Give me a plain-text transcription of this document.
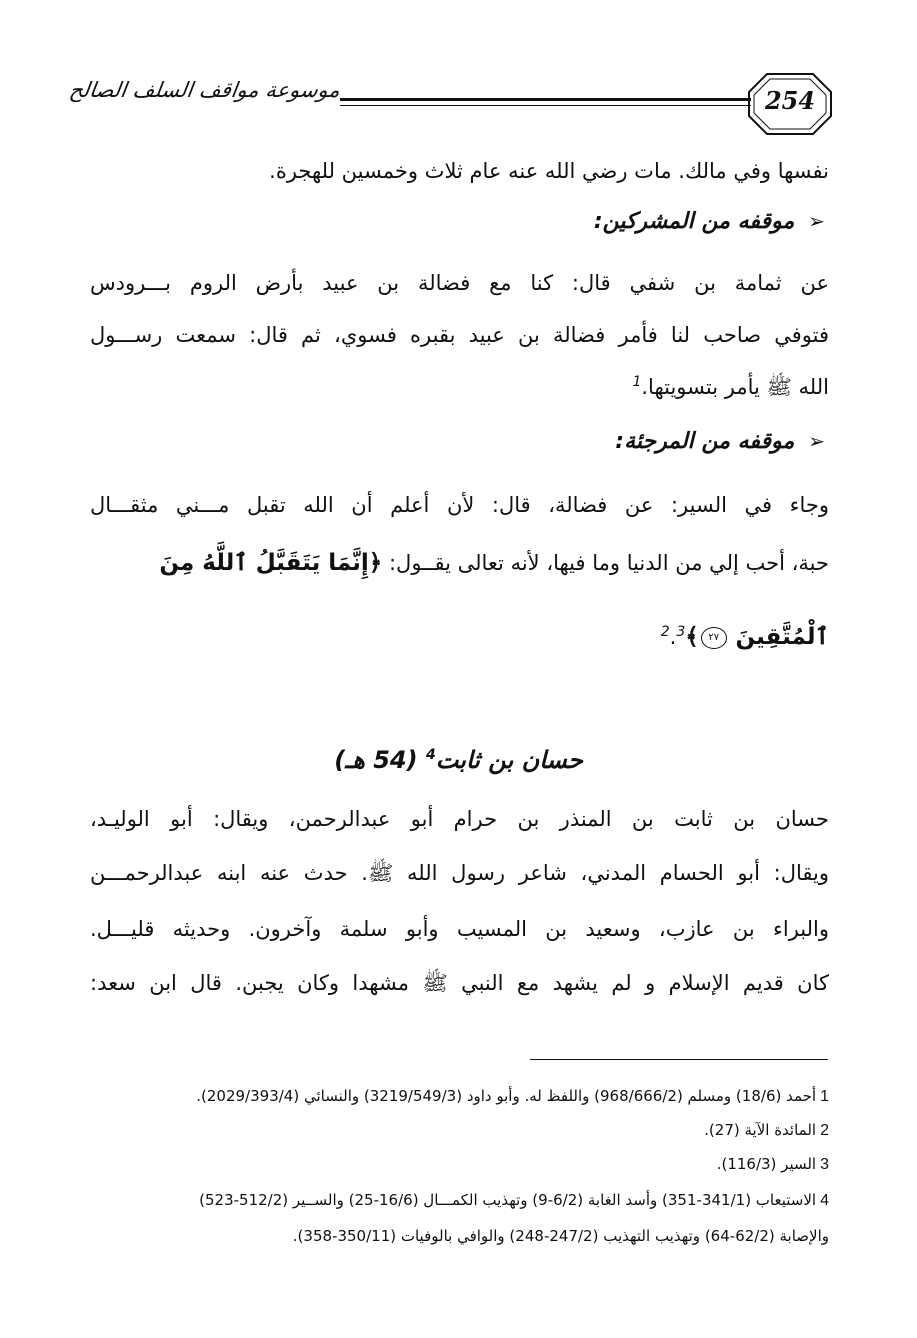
254
موسوعة مواقف السلف الصالح
نفسها وفي مالك. مات رضي الله عنه عام ثلاث وخمسين للهجرة.
➢موقفه من المشركين:
عن ثمامة بن شفي قال: كنا مع فضالة بن عبيد بأرض الروم بـــرودس
فتوفي صاحب لنا فأمر فضالة بن عبيد بقبره فسوي، ثم قال: سمعت رســـول
الله ﷺ يأمر بتسويتها.$^1$
➢موقفه من المرجئة:
وجاء في السير: عن فضالة، قال: لأن أعلم أن الله تقبل مـــني مثقـــال
حبة، أحب إلي من الدنيا وما فيها، لأنه تعالى يقــول: ﴿إِنَّمَا يَتَقَبَّلُ ٱللَّهُ مِنَ
ٱلْمُتَّقِينَ ٢٧﴾$^2$.$^3$
حسان بن ثابت$^4$ (54 هـ)
حسان بن ثابت بن المنذر بن حرام أبو عبدالرحمن، ويقال: أبو الوليـد،
ويقال: أبو الحسام المدني، شاعر رسول الله ﷺ. حدث عنه ابنه عبدالرحمـــن
والبراء بن عازب، وسعيد بن المسيب وأبو سلمة وآخرون. وحديثه قليـــل.
كان قديم الإسلام و لم يشهد مع النبي ﷺ مشهدا وكان يجبن. قال ابن سعد:
1أحمد (18/6) ومسلم (968/666/2) واللفظ له. وأبو داود (3219/549/3) والنسائي (2029/393/4).
2المائدة الآية (27).
3السير (116/3).
4الاستيعاب (341/1-351) وأسد الغابة (6/2-9) وتهذيب الكمـــال (16/6-25) والســير (512/2-523)
والإصابة (62/2-64) وتهذيب التهذيب (247/2-248) والوافي بالوفيات (350/11-358).
